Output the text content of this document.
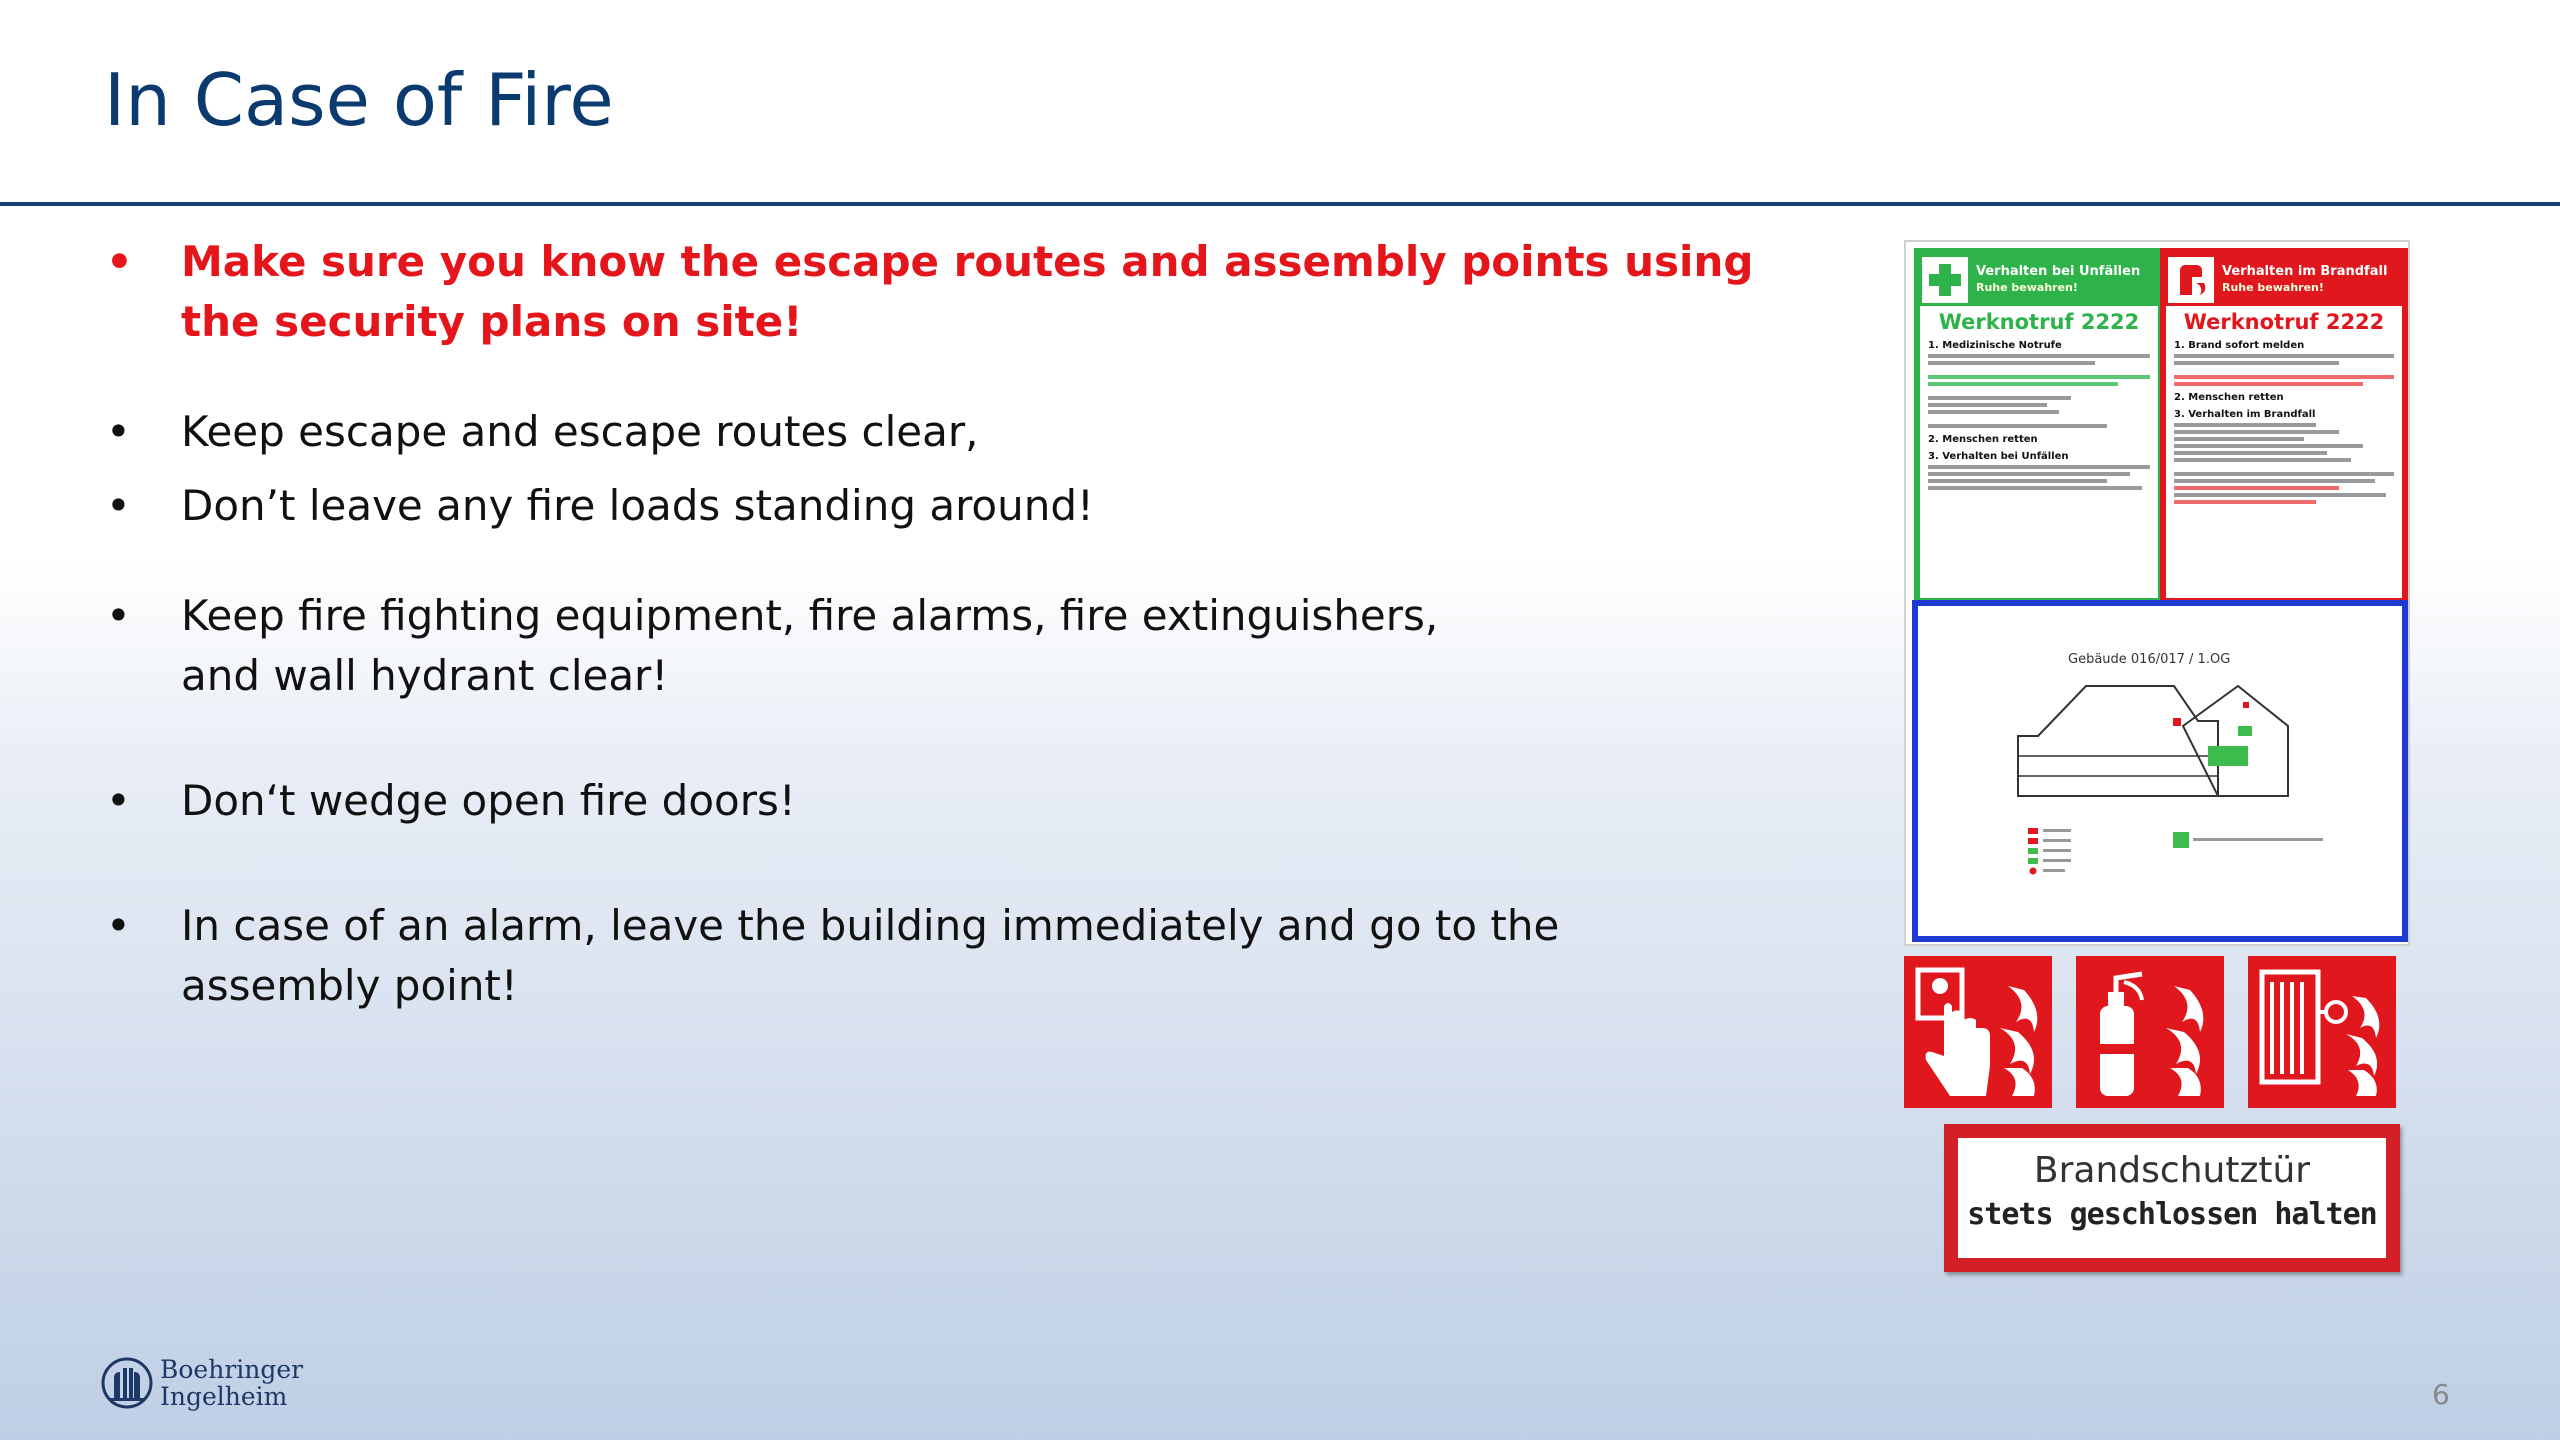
In Case of Fire
• Make sure you know the escape routes and assembly points using the security plans on site!
• Keep escape and escape routes clear,
• Don’t leave any fire loads standing around!
• Keep fire fighting equipment, fire alarms, fire extinguishers, and wall hydrant clear!
• Don‘t wedge open fire doors!
• In case of an alarm, leave the building immediately and go to the assembly point!
Verhalten bei Unfällen
Ruhe bewahren!
Werknotruf 2222
1. Medizinische Notrufe
2. Menschen retten
3. Verhalten bei Unfällen
Verhalten im Brandfall
Ruhe bewahren!
Werknotruf 2222
1. Brand sofort melden
2. Menschen retten
3. Verhalten im Brandfall
Gebäude 016/017 / 1.OG
Brandschutztür
stets geschlossen halten
Boehringer
Ingelheim	6
